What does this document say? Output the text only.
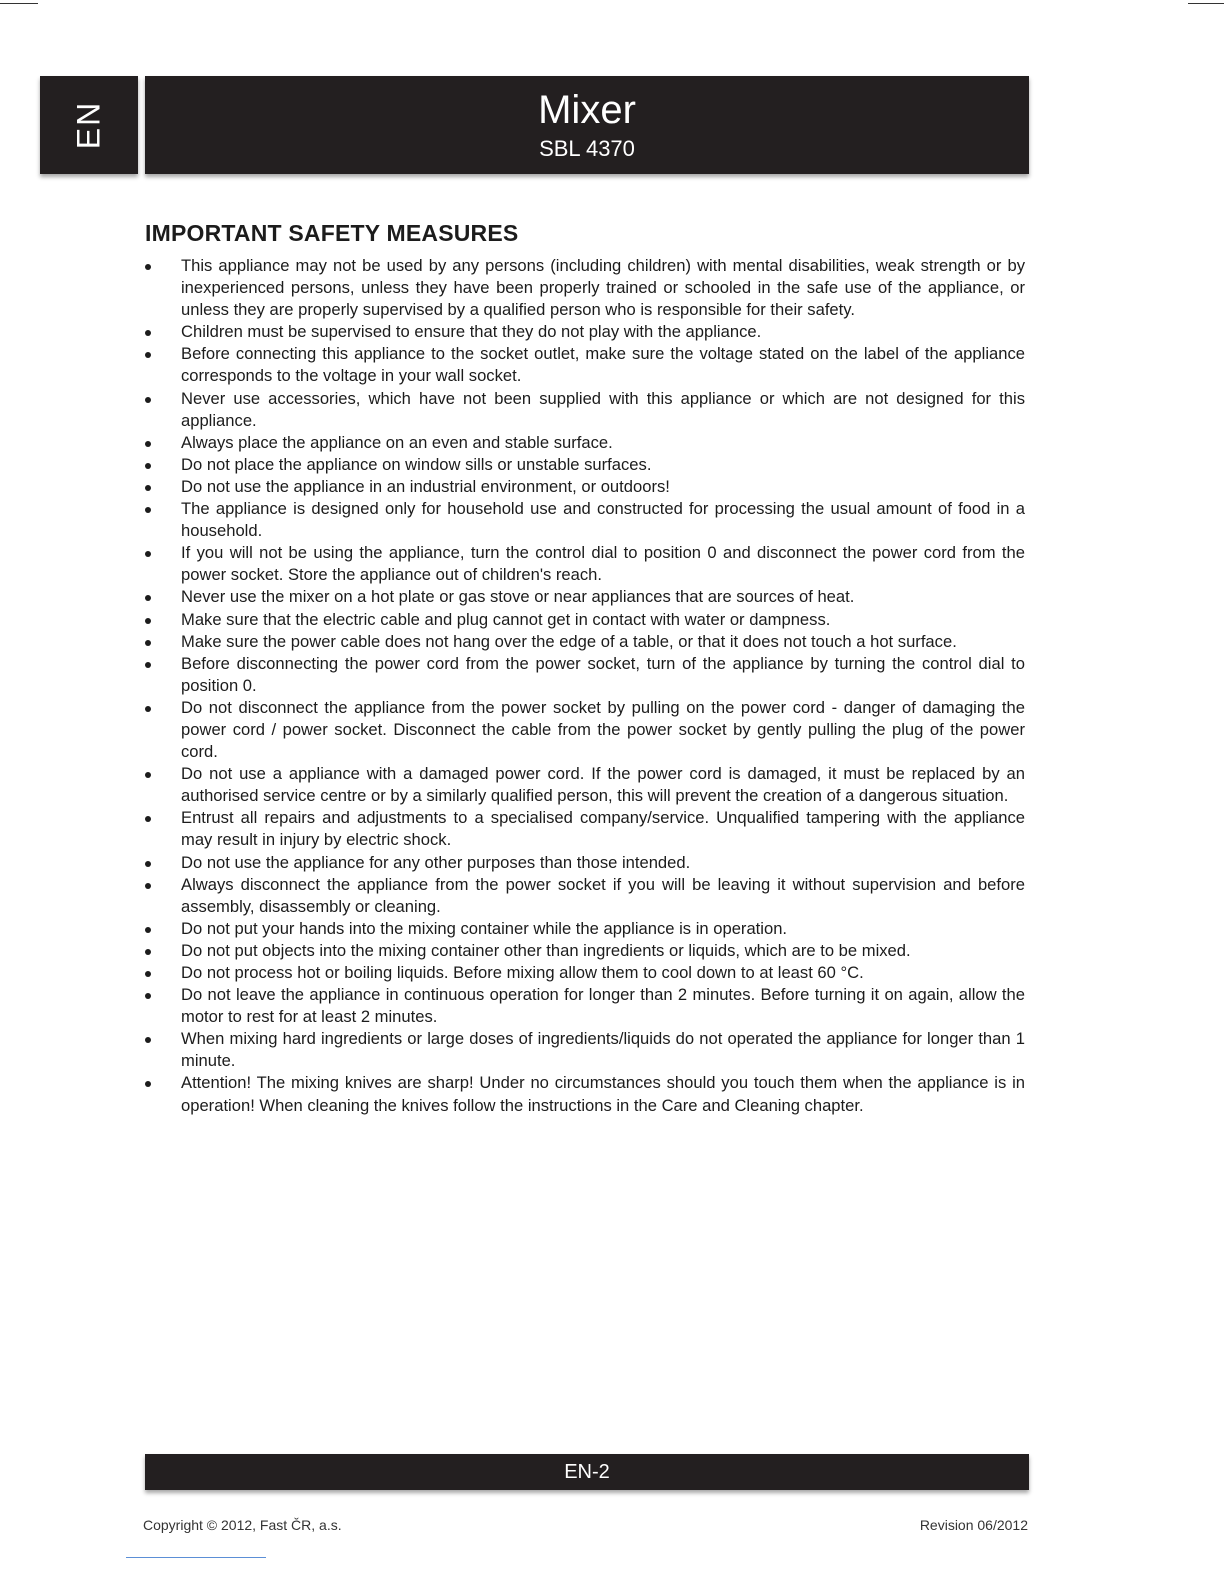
EN	Mixer
SBL 4370
IMPORTANT SAFETY MEASURES
This appliance may not be used by any persons (including children) with mental disabilities, weak strength or by inexperienced persons, unless they have been properly trained or schooled in the safe use of the appliance, or unless they are properly supervised by a qualified person who is responsible for their safety.
Children must be supervised to ensure that they do not play with the appliance.
Before connecting this appliance to the socket outlet, make sure the voltage stated on the label of the appliance corresponds to the voltage in your wall socket.
Never use accessories, which have not been supplied with this appliance or which are not designed for this appliance.
Always place the appliance on an even and stable surface.
Do not place the appliance on window sills or unstable surfaces.
Do not use the appliance in an industrial environment, or outdoors!
The appliance is designed only for household use and constructed for processing the usual amount of food in a household.
If you will not be using the appliance, turn the control dial to position 0 and disconnect the power cord from the power socket. Store the appliance out of children's reach.
Never use the mixer on a hot plate or gas stove or near appliances that are sources of heat.
Make sure that the electric cable and plug cannot get in contact with water or dampness.
Make sure the power cable does not hang over the edge of a table, or that it does not touch a hot surface.
Before disconnecting the power cord from the power socket, turn of the appliance by turning the control dial to position 0.
Do not disconnect the appliance from the power socket by pulling on the power cord - danger of damaging the power cord / power socket. Disconnect the cable from the power socket by gently pulling the plug of the power cord.
Do not use a appliance with a damaged power cord. If the power cord is damaged, it must be replaced by an authorised service centre or by a similarly qualified person, this will prevent the creation of a dangerous situation.
Entrust all repairs and adjustments to a specialised company/service. Unqualified tampering with the appliance may result in injury by electric shock.
Do not use the appliance for any other purposes than those intended.
Always disconnect the appliance from the power socket if you will be leaving it without supervision and before assembly, disassembly or cleaning.
Do not put your hands into the mixing container while the appliance is in operation.
Do not put objects into the mixing container other than ingredients or liquids, which are to be mixed.
Do not process hot or boiling liquids. Before mixing allow them to cool down to at least 60 °C.
Do not leave the appliance in continuous operation for longer than 2 minutes. Before turning it on again, allow the motor to rest for at least 2 minutes.
When mixing hard ingredients or large doses of ingredients/liquids do not operated the appliance for longer than 1 minute.
Attention! The mixing knives are sharp! Under no circumstances should you touch them when the appliance is in operation! When cleaning the knives follow the instructions in the Care and Cleaning chapter.
EN-2
Copyright © 2012, Fast ČR, a.s.	Revision 06/2012
